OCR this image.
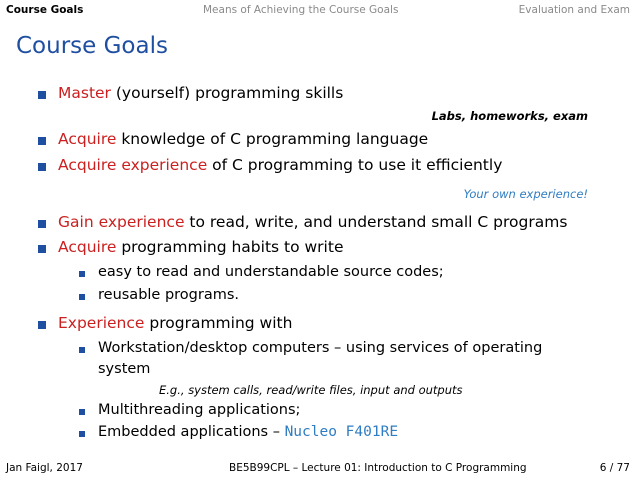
Course Goals	Means of Achieving the Course Goals	Evaluation and Exam
Course Goals
Master (yourself) programming skills
Labs, homeworks, exam
Acquire knowledge of C programming language
Acquire experience of C programming to use it efficiently
Your own experience!
Gain experience to read, write, and understand small C programs
Acquire programming habits to write
easy to read and understandable source codes;
reusable programs.
Experience programming with
Workstation/desktop computers – using services of operating
system
E.g., system calls, read/write files, input and outputs
Multithreading applications;
Embedded applications – Nucleo F401RE
Jan Faigl, 2017	BE5B99CPL – Lecture 01: Introduction to C Programming	6 / 77
